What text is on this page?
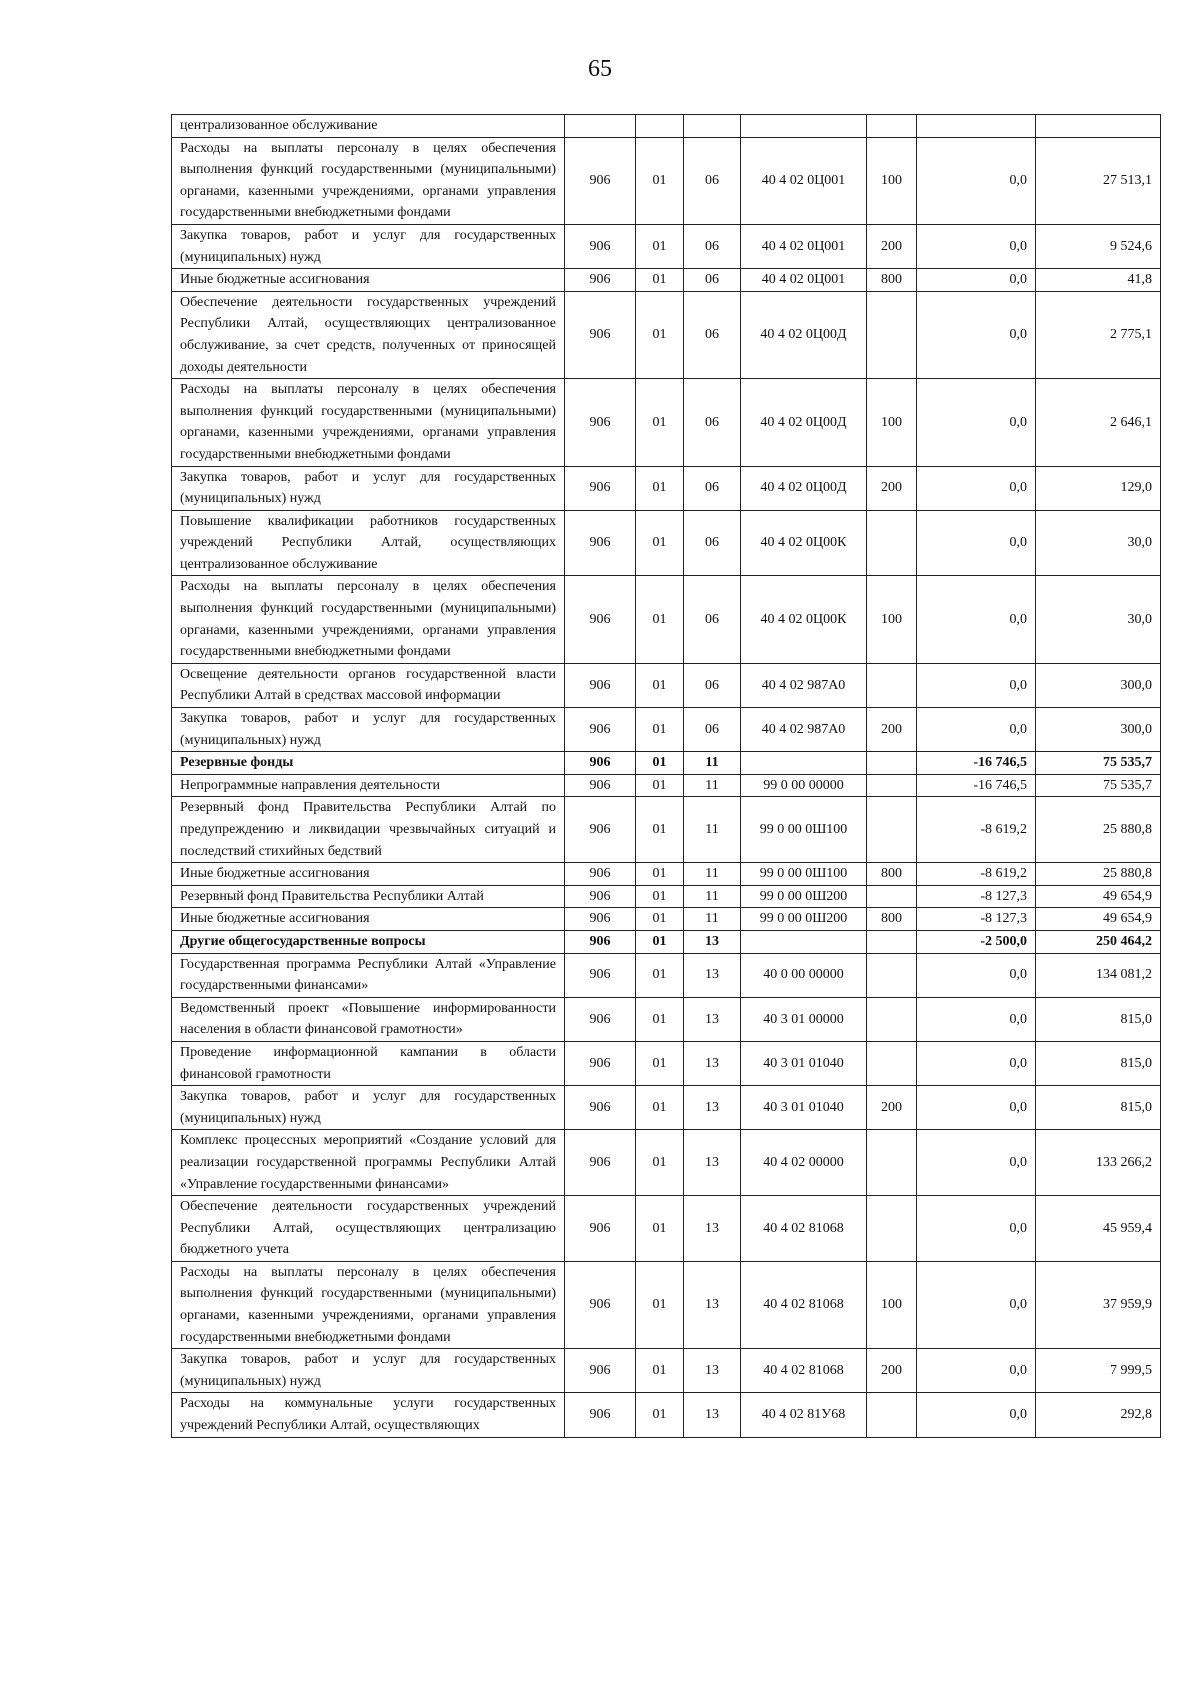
65
централизованное обслуживание							
Расходы на выплаты персоналу в целях обеспечения выполнения функций государственными (муниципальными) органами, казенными учреждениями, органами управления государственными внебюджетными фондами	906	01	06	40 4 02 0Ц001	100	0,0	27 513,1
Закупка товаров, работ и услуг для государственных (муниципальных) нужд	906	01	06	40 4 02 0Ц001	200	0,0	9 524,6
Иные бюджетные ассигнования	906	01	06	40 4 02 0Ц001	800	0,0	41,8
Обеспечение деятельности государственных учреждений Республики Алтай, осуществляющих централизованное обслуживание, за счет средств, полученных от приносящей доходы деятельности	906	01	06	40 4 02 0Ц00Д		0,0	2 775,1
Расходы на выплаты персоналу в целях обеспечения выполнения функций государственными (муниципальными) органами, казенными учреждениями, органами управления государственными внебюджетными фондами	906	01	06	40 4 02 0Ц00Д	100	0,0	2 646,1
Закупка товаров, работ и услуг для государственных (муниципальных) нужд	906	01	06	40 4 02 0Ц00Д	200	0,0	129,0
Повышение квалификации работников государственных учреждений Республики Алтай, осуществляющих централизованное обслуживание	906	01	06	40 4 02 0Ц00К		0,0	30,0
Расходы на выплаты персоналу в целях обеспечения выполнения функций государственными (муниципальными) органами, казенными учреждениями, органами управления государственными внебюджетными фондами	906	01	06	40 4 02 0Ц00К	100	0,0	30,0
Освещение деятельности органов государственной власти Республики Алтай в средствах массовой информации	906	01	06	40 4 02 987А0		0,0	300,0
Закупка товаров, работ и услуг для государственных (муниципальных) нужд	906	01	06	40 4 02 987А0	200	0,0	300,0
Резервные фонды	906	01	11			-16 746,5	75 535,7
Непрограммные направления деятельности	906	01	11	99 0 00 00000		-16 746,5	75 535,7
Резервный фонд Правительства Республики Алтай по предупреждению и ликвидации чрезвычайных ситуаций и последствий стихийных бедствий	906	01	11	99 0 00 0Ш100		-8 619,2	25 880,8
Иные бюджетные ассигнования	906	01	11	99 0 00 0Ш100	800	-8 619,2	25 880,8
Резервный фонд Правительства Республики Алтай	906	01	11	99 0 00 0Ш200		-8 127,3	49 654,9
Иные бюджетные ассигнования	906	01	11	99 0 00 0Ш200	800	-8 127,3	49 654,9
Другие общегосударственные вопросы	906	01	13			-2 500,0	250 464,2
Государственная программа Республики Алтай «Управление государственными финансами»	906	01	13	40 0 00 00000		0,0	134 081,2
Ведомственный проект «Повышение информированности населения в области финансовой грамотности»	906	01	13	40 3 01 00000		0,0	815,0
Проведение информационной кампании в области финансовой грамотности	906	01	13	40 3 01 01040		0,0	815,0
Закупка товаров, работ и услуг для государственных (муниципальных) нужд	906	01	13	40 3 01 01040	200	0,0	815,0
Комплекс процессных мероприятий «Создание условий для реализации государственной программы Республики Алтай «Управление государственными финансами»	906	01	13	40 4 02 00000		0,0	133 266,2
Обеспечение деятельности государственных учреждений Республики Алтай, осуществляющих централизацию бюджетного учета	906	01	13	40 4 02 81068		0,0	45 959,4
Расходы на выплаты персоналу в целях обеспечения выполнения функций государственными (муниципальными) органами, казенными учреждениями, органами управления государственными внебюджетными фондами	906	01	13	40 4 02 81068	100	0,0	37 959,9
Закупка товаров, работ и услуг для государственных (муниципальных) нужд	906	01	13	40 4 02 81068	200	0,0	7 999,5
Расходы на коммунальные услуги государственных учреждений Республики Алтай, осуществляющих	906	01	13	40 4 02 81У68		0,0	292,8
